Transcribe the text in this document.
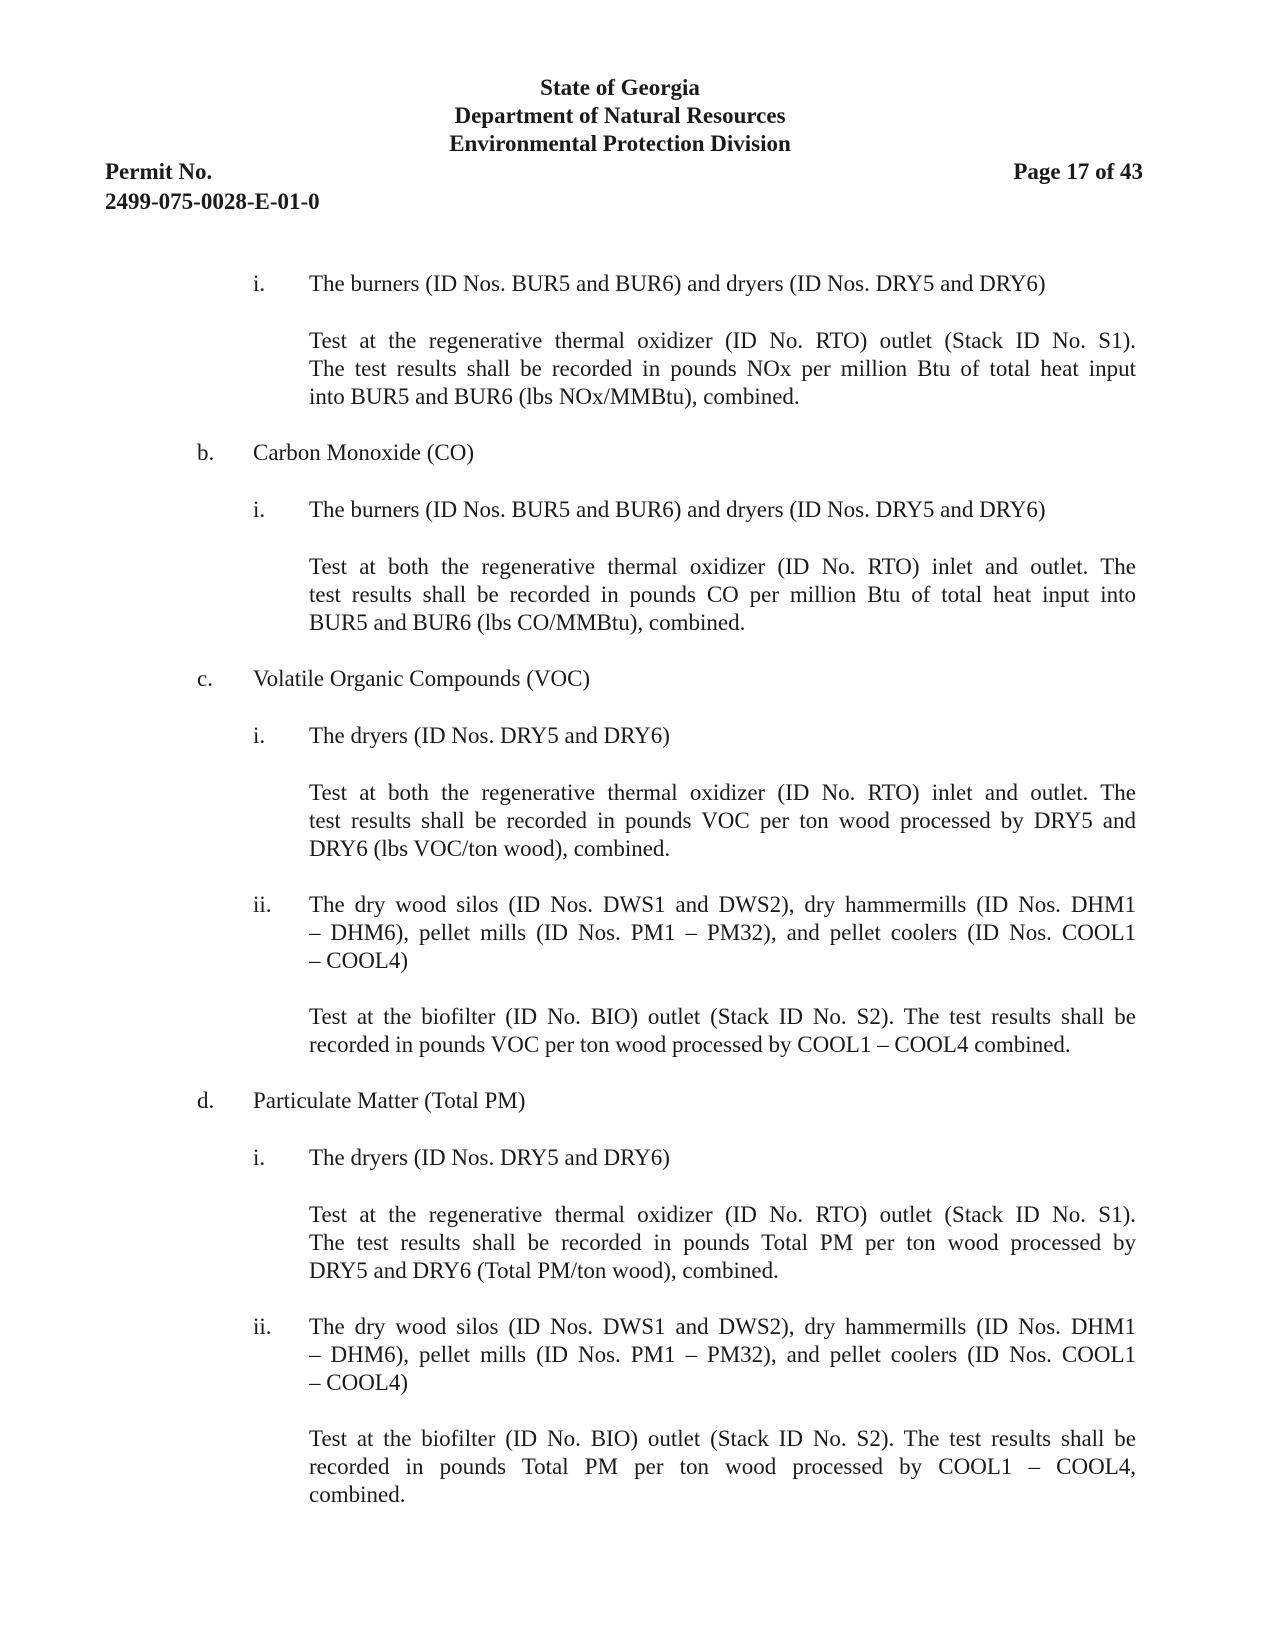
State of Georgia
Department of Natural Resources
Environmental Protection Division
Permit No.
2499-075-0028-E-01-0
Page 17 of 43
i. The burners (ID Nos. BUR5 and BUR6) and dryers (ID Nos. DRY5 and DRY6)
Test at the regenerative thermal oxidizer (ID No. RTO) outlet (Stack ID No. S1).
The test results shall be recorded in pounds NOx per million Btu of total heat input
into BUR5 and BUR6 (lbs NOx/MMBtu), combined.
b. Carbon Monoxide (CO)
i. The burners (ID Nos. BUR5 and BUR6) and dryers (ID Nos. DRY5 and DRY6)
Test at both the regenerative thermal oxidizer (ID No. RTO) inlet and outlet. The
test results shall be recorded in pounds CO per million Btu of total heat input into
BUR5 and BUR6 (lbs CO/MMBtu), combined.
c. Volatile Organic Compounds (VOC)
i. The dryers (ID Nos. DRY5 and DRY6)
Test at both the regenerative thermal oxidizer (ID No. RTO) inlet and outlet. The
test results shall be recorded in pounds VOC per ton wood processed by DRY5 and
DRY6 (lbs VOC/ton wood), combined.
ii. The dry wood silos (ID Nos. DWS1 and DWS2), dry hammermills (ID Nos. DHM1
– DHM6), pellet mills (ID Nos. PM1 – PM32), and pellet coolers (ID Nos. COOL1
– COOL4)
Test at the biofilter (ID No. BIO) outlet (Stack ID No. S2). The test results shall be
recorded in pounds VOC per ton wood processed by COOL1 – COOL4 combined.
d. Particulate Matter (Total PM)
i. The dryers (ID Nos. DRY5 and DRY6)
Test at the regenerative thermal oxidizer (ID No. RTO) outlet (Stack ID No. S1).
The test results shall be recorded in pounds Total PM per ton wood processed by
DRY5 and DRY6 (Total PM/ton wood), combined.
ii. The dry wood silos (ID Nos. DWS1 and DWS2), dry hammermills (ID Nos. DHM1
– DHM6), pellet mills (ID Nos. PM1 – PM32), and pellet coolers (ID Nos. COOL1
– COOL4)
Test at the biofilter (ID No. BIO) outlet (Stack ID No. S2). The test results shall be
recorded in pounds Total PM per ton wood processed by COOL1 – COOL4,
combined.
